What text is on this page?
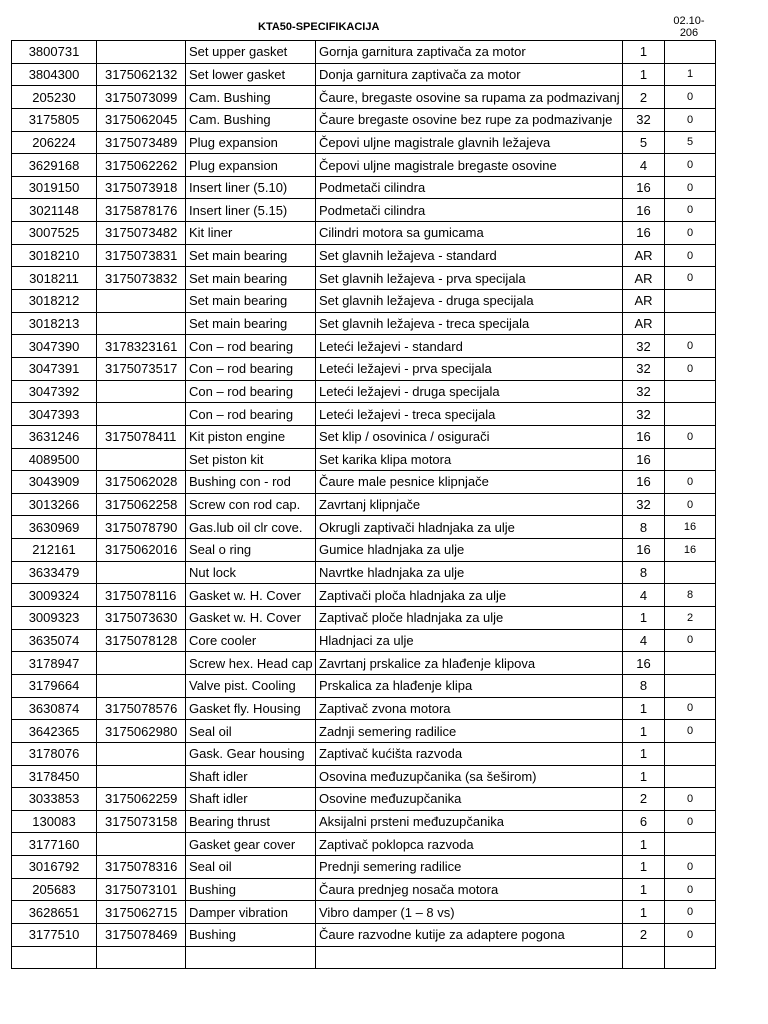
KTA50-SPECIFIKACIJA	02.10-
206
3800731		Set upper gasket	Gornja garnitura zaptivača za motor	1	
3804300	3175062132	Set lower gasket	Donja garnitura zaptivača za motor	1	1
205230	3175073099	Cam. Bushing	Čaure, bregaste osovine sa rupama za podmazivanj	2	0
3175805	3175062045	Cam. Bushing	Čaure bregaste osovine bez rupe za podmazivanje	32	0
206224	3175073489	Plug expansion	Čepovi uljne magistrale glavnih ležajeva	5	5
3629168	3175062262	Plug expansion	Čepovi uljne magistrale bregaste osovine	4	0
3019150	3175073918	Insert liner (5.10)	Podmetači cilindra	16	0
3021148	3175878176	Insert liner (5.15)	Podmetači cilindra	16	0
3007525	3175073482	Kit liner	Cilindri motora sa gumicama	16	0
3018210	3175073831	Set main bearing	Set glavnih ležajeva - standard	AR	0
3018211	3175073832	Set main bearing	Set glavnih ležajeva - prva specijala	AR	0
3018212		Set main bearing	Set glavnih ležajeva - druga specijala	AR	
3018213		Set main bearing	Set glavnih ležajeva - treca specijala	AR	
3047390	3178323161	Con – rod bearing	Leteći ležajevi - standard	32	0
3047391	3175073517	Con – rod bearing	Leteći ležajevi - prva specijala	32	0
3047392		Con – rod bearing	Leteći ležajevi - druga specijala	32	
3047393		Con – rod bearing	Leteći ležajevi - treca specijala	32	
3631246	3175078411	Kit piston engine	Set klip / osovinica / osigurači	16	0
4089500		Set piston kit	Set karika klipa motora	16	
3043909	3175062028	Bushing con - rod	Čaure male pesnice klipnjače	16	0
3013266	3175062258	Screw con rod cap.	Zavrtanj klipnjače	32	0
3630969	3175078790	Gas.lub oil clr cove.	Okrugli zaptivači hladnjaka za ulje	8	16
212161	3175062016	Seal o ring	Gumice hladnjaka za ulje	16	16
3633479		Nut lock	Navrtke hladnjaka za ulje	8	
3009324	3175078116	Gasket w. H. Cover	Zaptivači ploča hladnjaka za ulje	4	8
3009323	3175073630	Gasket w. H. Cover	Zaptivač ploče hladnjaka za ulje	1	2
3635074	3175078128	Core cooler	Hladnjaci za ulje	4	0
3178947		Screw hex. Head cap	Zavrtanj prskalice za hlađenje klipova	16	
3179664		Valve pist. Cooling	Prskalica za hlađenje klipa	8	
3630874	3175078576	Gasket fly. Housing	Zaptivač zvona motora	1	0
3642365	3175062980	Seal oil	Zadnji semering radilice	1	0
3178076		Gask. Gear housing	Zaptivač kućišta razvoda	1	
3178450		Shaft idler	Osovina međuzupčanika (sa šeširom)	1	
3033853	3175062259	Shaft idler	Osovine međuzupčanika	2	0
130083	3175073158	Bearing thrust	Aksijalni prsteni međuzupčanika	6	0
3177160		Gasket gear cover	Zaptivač poklopca razvoda	1	
3016792	3175078316	Seal oil	Prednji semering radilice	1	0
205683	3175073101	Bushing	Čaura prednjeg nosača motora	1	0
3628651	3175062715	Damper vibration	Vibro damper (1 – 8 vs)	1	0
3177510	3175078469	Bushing	Čaure razvodne kutije za adaptere pogona	2	0
